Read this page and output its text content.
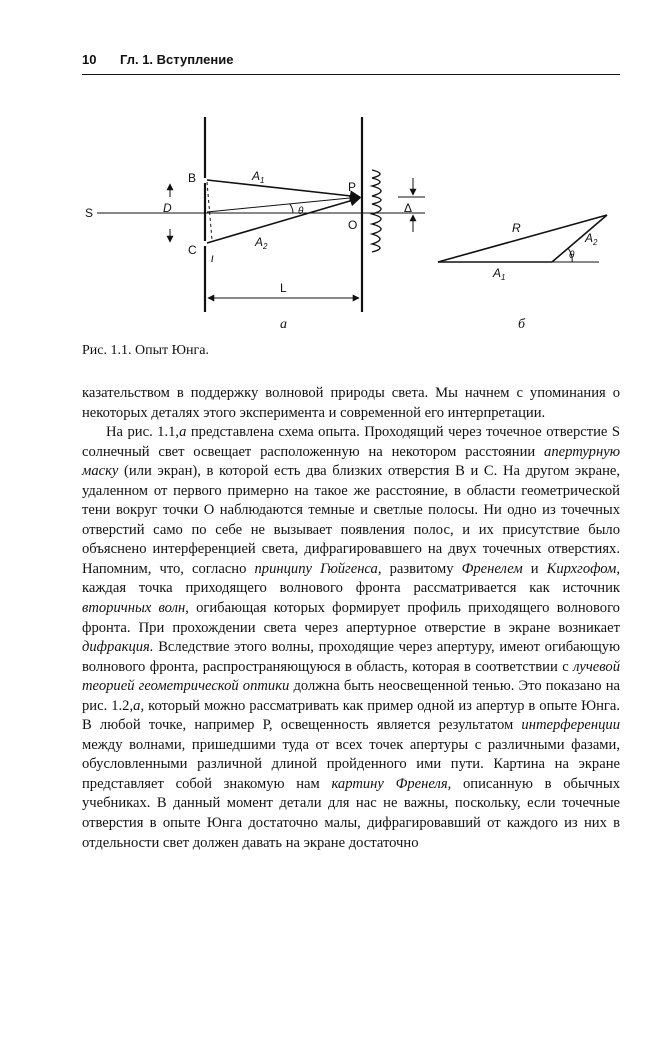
10 Гл. 1. Вступление
S
B
C
D
$A_1$
$A_2$
P
O
θ
ι
Δ
L
а
R
$A_2$
$A_1$
θ
б
Рис. 1.1. Опыт Юнга.

казательством в поддержку волновой природы света. Мы начнем с упоминания о некоторых деталях этого эксперимента и современной его интерпретации.

На рис. 1.1,а представлена схема опыта. Проходящий через точечное отверстие S солнечный свет освещает расположенную на некотором расстоянии апертурную маску (или экран), в которой есть два близких отверстия В и С. На другом экране, удаленном от первого примерно на такое же расстояние, в области геометрической тени вокруг точки О наблюдаются темные и светлые полосы. Ни одно из точечных отверстий само по себе не вызывает появления полос, и их присутствие было объяснено интерференцией света, дифрагировавшего на двух точечных отверстиях. Напомним, что, согласно принципу Гюйгенса, развитому Френелем и Кирхгофом, каждая точка приходящего волнового фронта рассматривается как источник вторичных волн, огибающая которых формирует профиль приходящего волнового фронта. При прохождении света через апертурное отверстие в экране возникает дифракция. Вследствие этого волны, проходящие через апертуру, имеют огибающую волнового фронта, распространяющуюся в область, которая в соответствии с лучевой теорией геометрической оптики должна быть неосвещенной тенью. Это показано на рис. 1.2,а, который можно рассматривать как пример одной из апертур в опыте Юнга. В любой точке, например Р, освещенность является результатом интерференции между волнами, пришедшими туда от всех точек апертуры с различными фазами, обусловленными различной длиной пройденного ими пути. Картина на экране представляет собой знакомую нам картину Френеля, описанную в обычных учебниках. В данный момент детали для нас не важны, поскольку, если точечные отверстия в опыте Юнга достаточно малы, дифрагировавший от каждого из них в отдельности свет должен давать на экране достаточно
